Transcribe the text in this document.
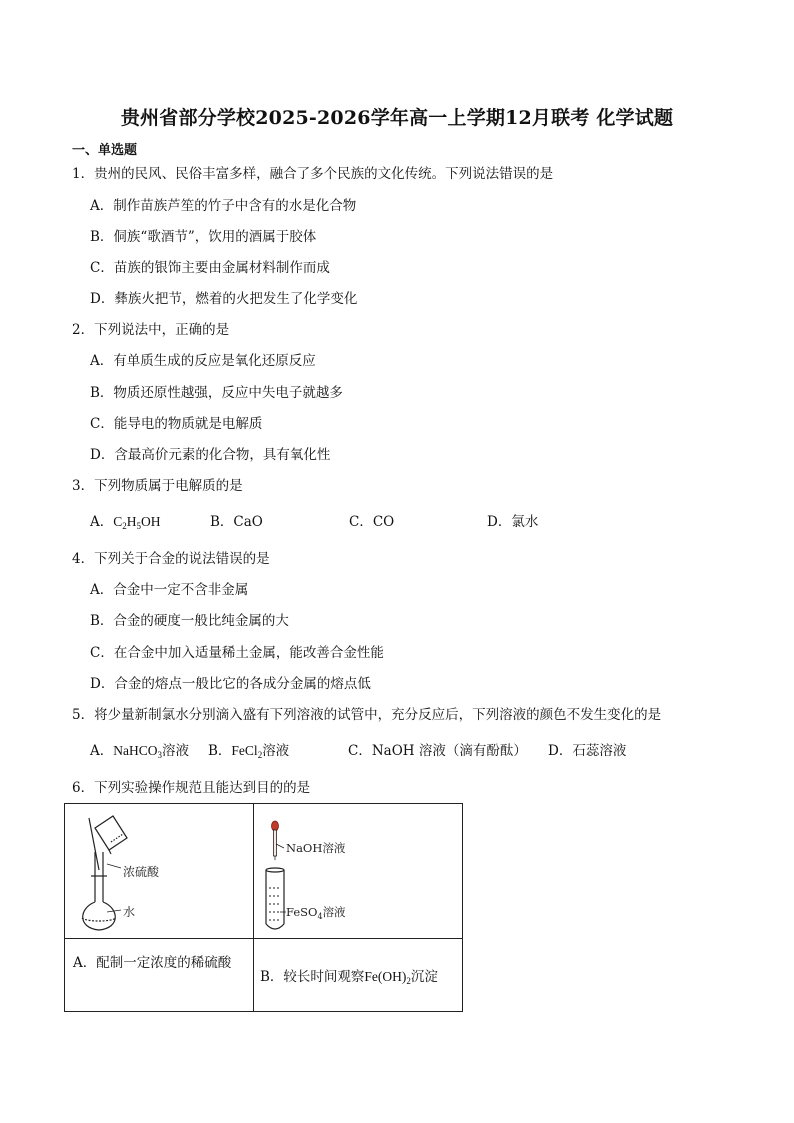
贵州省部分学校2025-2026学年高一上学期12月联考 化学试题
一、单选题
1．贵州的民风、民俗丰富多样，融合了多个民族的文化传统。下列说法错误的是
A．制作苗族芦笙的竹子中含有的水是化合物
B．侗族“歌酒节”，饮用的酒属于胶体
C．苗族的银饰主要由金属材料制作而成
D．彝族火把节，燃着的火把发生了化学变化
2．下列说法中，正确的是
A．有单质生成的反应是氧化还原反应
B．物质还原性越强，反应中失电子就越多
C．能导电的物质就是电解质
D．含最高价元素的化合物，具有氧化性
3．下列物质属于电解质的是
A．$C_2H_5OH$	B．CaO	C．CO	D．氯水
4．下列关于合金的说法错误的是
A．合金中一定不含非金属
B．合金的硬度一般比纯金属的大
C．在合金中加入适量稀土金属，能改善合金性能
D．合金的熔点一般比它的各成分金属的熔点低
5．将少量新制氯水分别滴入盛有下列溶液的试管中，充分反应后，下列溶液的颜色不发生变化的是
A．NaHCO$_3$溶液 B．FeCl$_2$溶液	C．NaOH 溶液（滴有酚酞） D．石蕊溶液
6．下列实验操作规范且能达到目的的是
浓硫酸
水	NaOH溶液
FeSO$_4$溶液

A．配制一定浓度的稀硫酸	B．较长时间观察$Fe(OH)_2$沉淀
